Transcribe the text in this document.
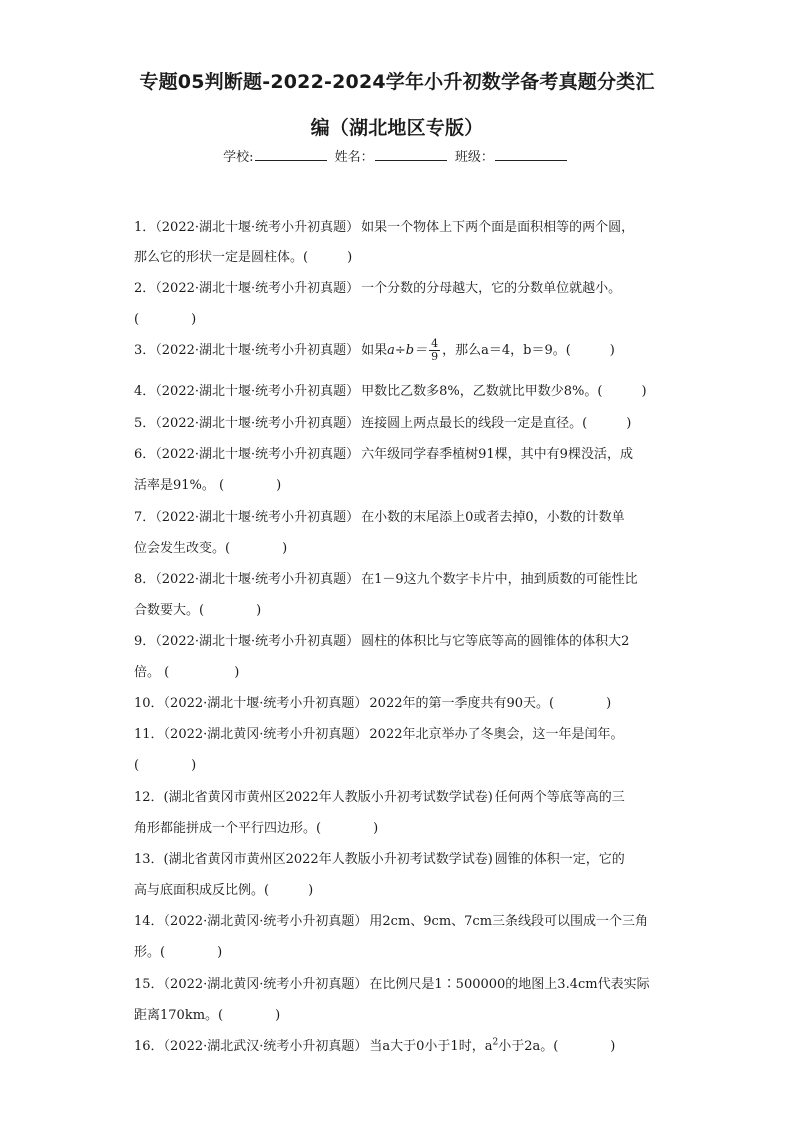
专题05判断题-2022-2024学年小升初数学备考真题分类汇
编（湖北地区专版）
学校:	姓名：	班级：
1．（2022·湖北十堰·统考小升初真题） 如果一个物体上下两个面是面积相等的两个圆，
那么它的形状一定是圆柱体。(　　　)
2．（2022·湖北十堰·统考小升初真题） 一个分数的分母越大，它的分数单位就越小。
(　　　　)
3．（2022·湖北十堰·统考小升初真题） 如果$a\div b= \frac{4}{9}$ ，那么a＝4，b＝9。(　　　)
4．（2022·湖北十堰·统考小升初真题） 甲数比乙数多8%，乙数就比甲数少8%。(　　　)
5．（2022·湖北十堰·统考小升初真题） 连接圆上两点最长的线段一定是直径。(　　　)
6．（2022·湖北十堰·统考小升初真题） 六年级同学春季植树91棵，其中有9棵没活，成
活率是91%。 (　　　　)
7．（2022·湖北十堰·统考小升初真题） 在小数的末尾添上0或者去掉0，小数的计数单
位会发生改变。(　　　　)
8．（2022·湖北十堰·统考小升初真题） 在1－9这九个数字卡片中，抽到质数的可能性比
合数要大。(　　　　)
9．（2022·湖北十堰·统考小升初真题） 圆柱的体积比与它等底等高的圆锥体的体积大2
倍。 (　　　　　)
10．（2022·湖北十堰·统考小升初真题） 2022年的第一季度共有90天。(　　　　)
11．（2022·湖北黄冈·统考小升初真题） 2022年北京举办了冬奥会，这一年是闰年。
(　　　　)
12．(湖北省黄冈市黄州区2022年人教版小升初考试数学试卷) 任何两个等底等高的三
角形都能拼成一个平行四边形。(　　　　)
13．(湖北省黄冈市黄州区2022年人教版小升初考试数学试卷) 圆锥的体积一定，它的
高与底面积成反比例。(　　　)
14．（2022·湖北黄冈·统考小升初真题） 用2cm、9cm、7cm三条线段可以围成一个三角
形。(　　　　)
15．（2022·湖北黄冈·统考小升初真题） 在比例尺是1∶500000的地图上3.4cm代表实际
距离170km。(　　　　)
16．（2022·湖北武汉·统考小升初真题） 当a大于0小于1时，$a^2$小于2a。(　　　　)
